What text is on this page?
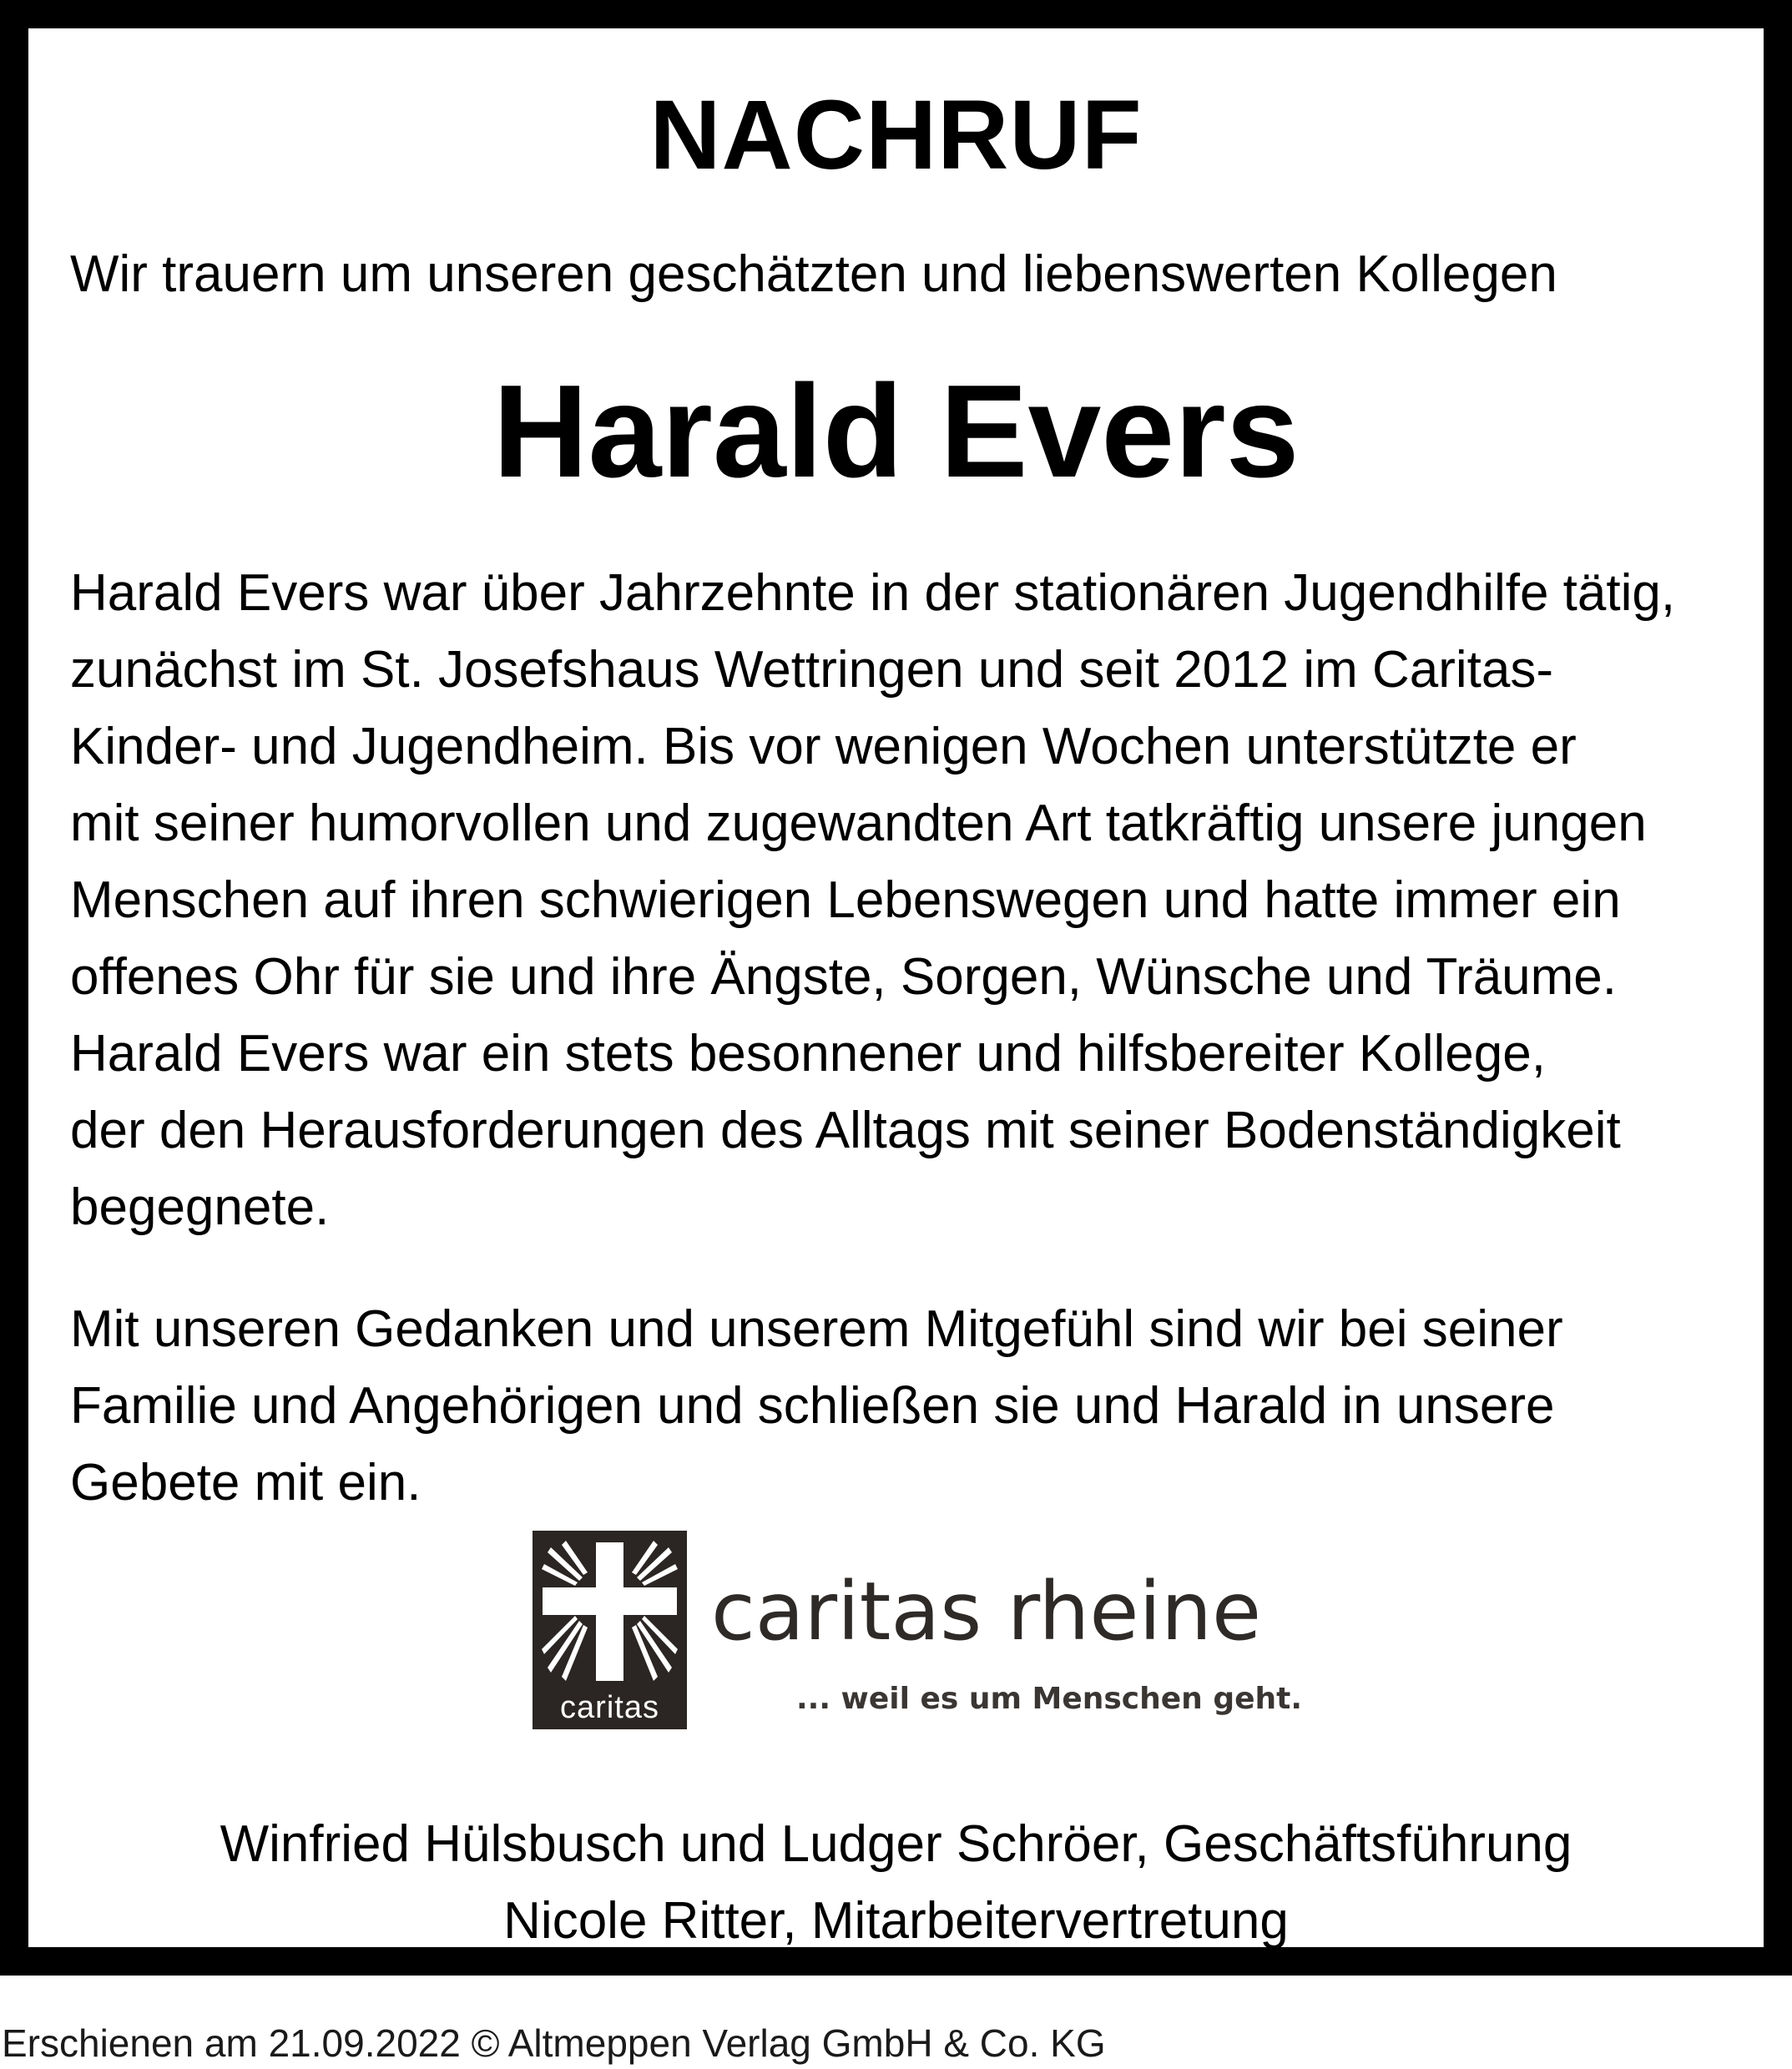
NACHRUF

Wir trauern um unseren geschätzten und liebenswerten Kollegen

Harald Evers

Harald Evers war über Jahrzehnte in der stationären Jugendhilfe tätig,
zunächst im St. Josefshaus Wettringen und seit 2012 im Caritas-
Kinder- und Jugendheim. Bis vor wenigen Wochen unterstützte er
mit seiner humorvollen und zugewandten Art tatkräftig unsere jungen
Menschen auf ihren schwierigen Lebenswegen und hatte immer ein
offenes Ohr für sie und ihre Ängste, Sorgen, Wünsche und Träume.
Harald Evers war ein stets besonnener und hilfsbereiter Kollege,
der den Herausforderungen des Alltags mit seiner Bodenständigkeit
begegnete.

Mit unseren Gedanken und unserem Mitgefühl sind wir bei seiner
Familie und Angehörigen und schließen sie und Harald in unsere
Gebete mit ein.

caritas

caritas rheine

... weil es um Menschen geht.

Winfried Hülsbusch und Ludger Schröer, Geschäftsführung
Nicole Ritter, Mitarbeitervertretung

Erschienen am 21.09.2022 © Altmeppen Verlag GmbH & Co. KG
